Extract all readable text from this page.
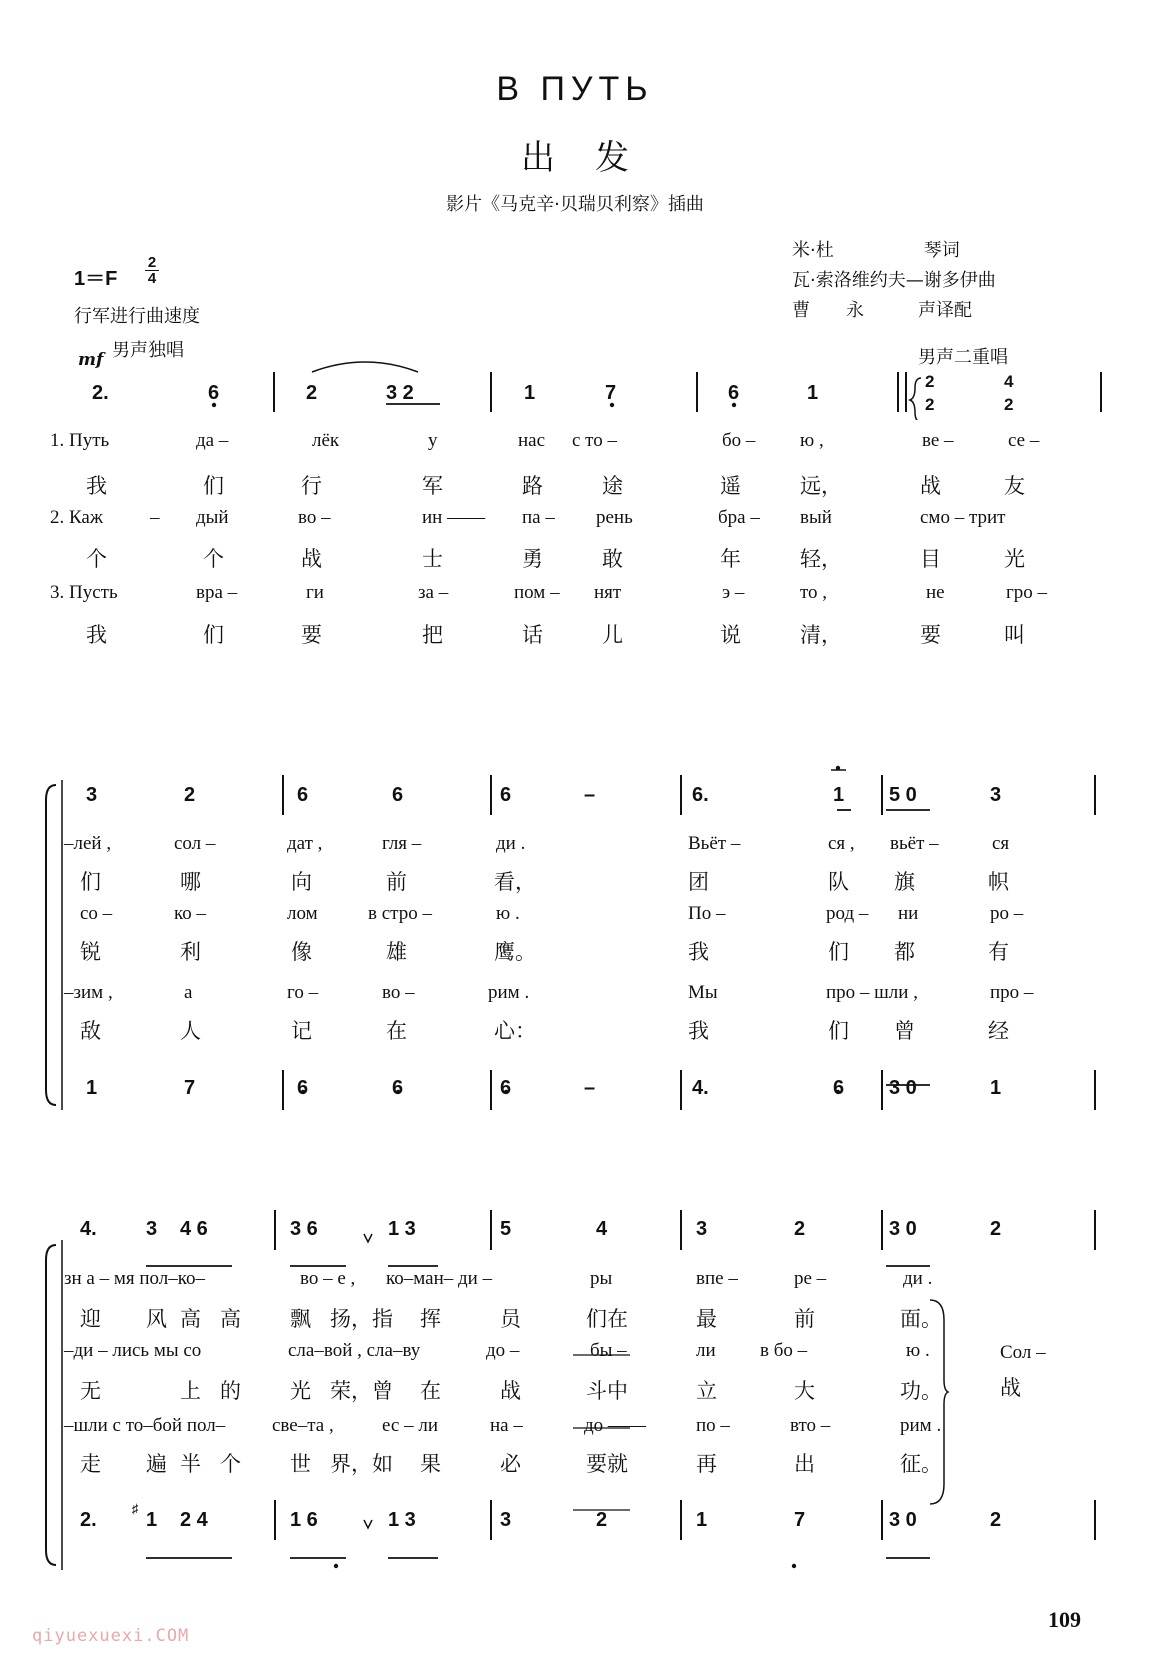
В ПУТЬ
出发
影片《马克辛·贝瑞贝利察》插曲
1＝F
2
4
行军进行曲速度
米·杜　　　　　琴词
瓦·索洛维约夫—谢多伊曲
曹　　永　　　声译配
mf 男声独唱	男声二重唱
2.	6	2	3 2	1	7	6	1
2
2
4
2
1. Путь	да –	лёк	у	нас с то –	бо – ю ,	ве –	се –
我	们	行	军	路	途	遥	远，	战	友
2. Каж – дый	во –	ин —— па – рень	бра – вый	смо – трит
个	个	战	士	勇	敢	年	轻，	目	光
3. Пусть	вра –	ги	за –	пом – нят	э –	то ,	не	гро –
我	们	要	把	话	儿	说	清，	要	叫
3	2	6	6	6	–	6.	1 5 0	3
–лей ,	сол –	дат ,	гля –	ди .	Вьёт –	ся , вьёт –	ся
们	哪	向	前	看，	团	队 旗	帜
со –	ко –	лом	в стро –	ю .	По –	род – ни	ро –
锐	利	像	雄	鹰。	我	们 都	有
–зим ,	а	го –	во –	рим .	Мы	про – шли ,	про –
敌	人	记	在	心：	我	们 曾	经
1	7	6	6	6	–	4.	6 3 0	1
4. 3 4 6	3 6	1 3	5	4	3	2	3 0	2
зн а – мя пол–ко–	во – е , ко–ман– ди –	ры	впе –	ре –	ди .
迎 风 高 高 飘 扬，指 挥	员	们在	最	前	面。
–ди – лись мы со	сла–вой , сла–ву	до –	бы –	ли в бо –	ю .
无	上 的 光 荣，曾 在	战	斗中	立	大	功。
Сол –
战
–шли с то–бой пол– све–та ,	ес – ли	на –	до ——	по –	вто –	рим .
走 遍 半 个 世 界，如 果	必	要就	再	出	征。
2.
♯
1 2 4	1 6	1 3	3	2	1	7	3 0	2
109
qiyuexuexi.COM
